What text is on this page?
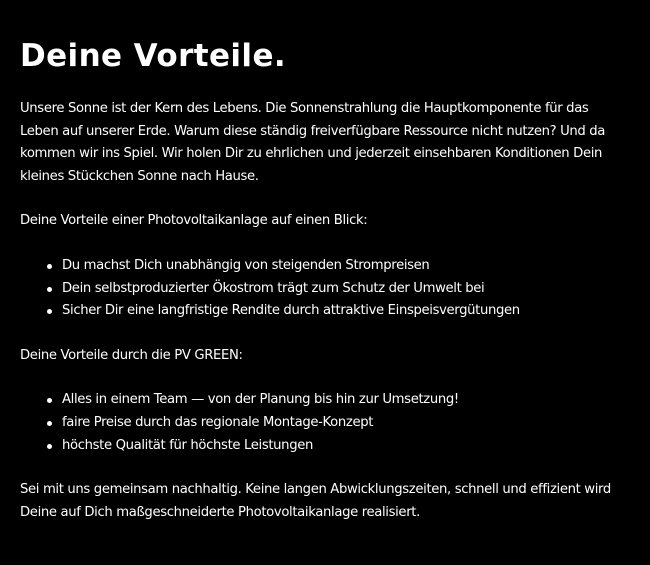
Deine Vorteile.

Unsere Sonne ist der Kern des Lebens. Die Sonnenstrahlung die Hauptkomponente für das Leben auf unserer Erde. Warum diese ständig freiverfügbare Ressource nicht nutzen? Und da kommen wir ins Spiel. Wir holen Dir zu ehrlichen und jederzeit einsehbaren Konditionen Dein kleines Stückchen Sonne nach Hause.

Deine Vorteile einer Photovoltaikanlage auf einen Blick:

Du machst Dich unabhängig von steigenden Strompreisen
Dein selbstproduzierter Ökostrom trägt zum Schutz der Umwelt bei
Sicher Dir eine langfristige Rendite durch attraktive Einspeisvergütungen

Deine Vorteile durch die PV GREEN:

Alles in einem Team — von der Planung bis hin zur Umsetzung!
faire Preise durch das regionale Montage-Konzept
höchste Qualität für höchste Leistungen

Sei mit uns gemeinsam nachhaltig. Keine langen Abwicklungszeiten, schnell und effizient wird Deine auf Dich maßgeschneiderte Photovoltaikanlage realisiert.
